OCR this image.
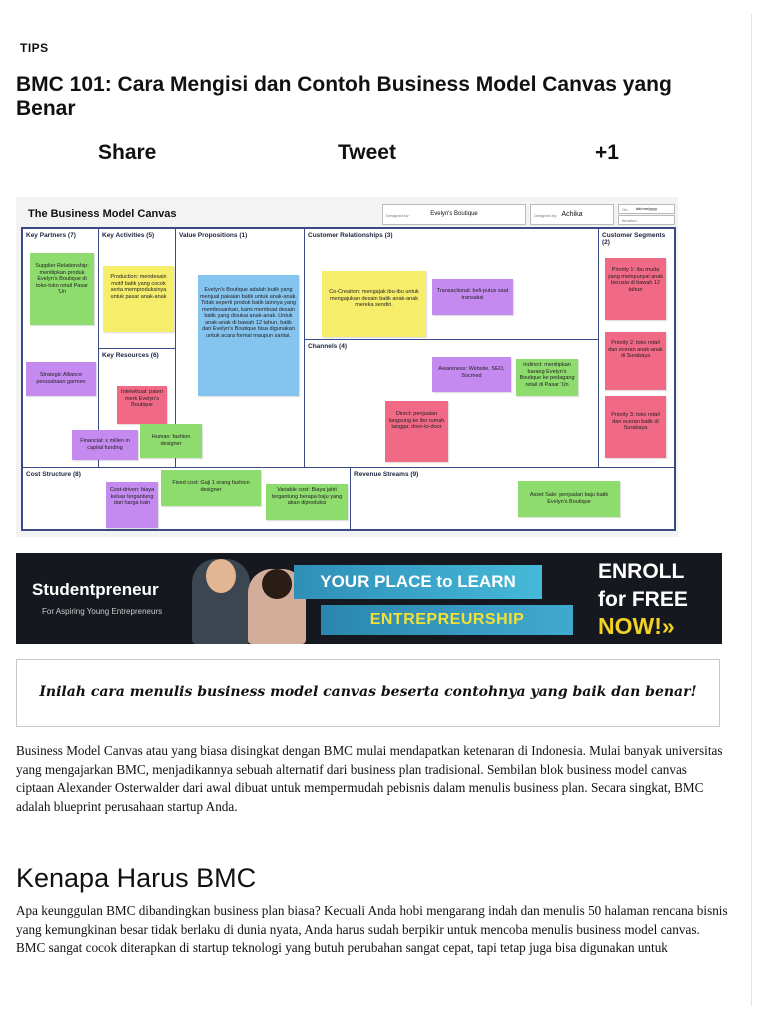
TIPS
BMC 101: Cara Mengisi dan Contoh Business Model Canvas yang Benar
Share	Tweet	+1
The Business Model Canvas	Designed for:	Evelyn's Boutique	Designed by: Achika
On: dd/mm/yyyy
Iteration:
Key Partners (7)	Key Activities (5)
Key Resources (6)
Value Propositions (1)	Customer Relationships (3)
Channels (4)
Customer Segments (2)
Cost Structure (8)	Revenue Streams (9)
Supplier Relationship: menitipkan produk Evelyn's Boutique di toko-toko retail Pasar 'Un
Strategic Alliance perusahaan garmen
Production: mendesain motif batik yang cocok serta memproduksinya untuk pasar anak-anak
Intelektual: paten merk Evelyn's Boutique
Financial: x millen in capital funding
Human: fashion designer
Evelyn's Boutique adalah butik yang menjual pakaian batik untuk anak-anak. Tidak seperti produk batik lainnya yang membosankan, kami membuat desain batik yang disukai anak-anak. Untuk anak-anak di bawah 12 tahun, batik dari Evelyn's Boutique bisa digunakan untuk acara formal maupun santai.
Co-Creation: mengajak ibu-ibu untuk mengajukan desain batik anak-anak mereka sendiri.
Transactional: beli-putus saat transaksi
Awareness: Website, SEO, Socmed
Indirect: menitipkan barang Evelyn's Boutique ke pedagang retail di Pasar 'Un
Direct: penjualan langsung ke ibu rumah tangga; door-to-door
Priority 1: ibu muda yang mempunyai anak berusia di bawah 12 tahun
Priority 2: toko retail dan eceran anak-anak di Surabaya
Priority 3: toko retail dan eceran batik di Surabaya
Cost-driven: biaya keluar tergantung dari harga kain
Fixed cost: Gaji 1 orang fashion designer	Variable cost: Biaya jahit tergantung berapa baju yang akan diproduksi
Asset Sale: penjualan baju batik Evelyn's Boutique
Studentpreneur
For Aspiring Young Entrepreneurs
YOUR PLACE to LEARN
ENTREPREURSHIP
ENROLL
for FREE
NOW!»
Inilah cara menulis business model canvas beserta contohnya yang baik dan benar!

Business Model Canvas atau yang biasa disingkat dengan BMC mulai mendapatkan ketenaran di Indonesia. Mulai banyak universitas yang mengajarkan BMC, menjadikannya sebuah alternatif dari business plan tradisional. Sembilan blok business model canvas ciptaan Alexander Osterwalder dari awal dibuat untuk mempermudah pebisnis dalam menulis business plan. Secara singkat, BMC adalah blueprint perusahaan startup Anda.

Kenapa Harus BMC

Apa keunggulan BMC dibandingkan business plan biasa? Kecuali Anda hobi mengarang indah dan menulis 50 halaman rencana bisnis yang kemungkinan besar tidak berlaku di dunia nyata, Anda harus sudah berpikir untuk mencoba menulis business model canvas. BMC sangat cocok diterapkan di startup teknologi yang butuh perubahan sangat cepat, tapi tetap juga bisa digunakan untuk
